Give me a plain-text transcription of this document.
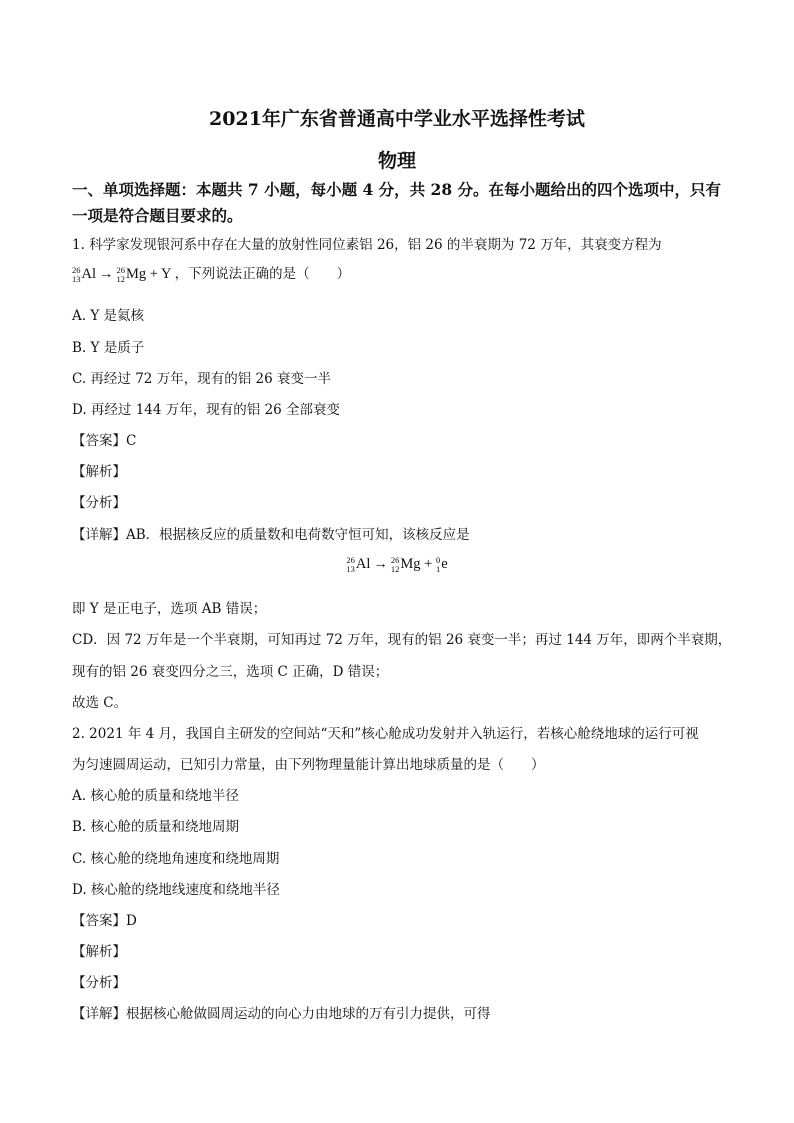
2021年广东省普通高中学业水平选择性考试
物理
一、单项选择题：本题共 7 小题，每小题 4 分，共 28 分。在每小题给出的四个选项中，只有
一项是符合题目要求的。
1. 科学家发现银河系中存在大量的放射性同位素铝 26，铝 26 的半衰期为 72 万年，其衰变方程为
26
13 Al → 26
12 Mg + Y ，下列说法正确的是（　　）
A. Y 是氦核
B. Y 是质子
C. 再经过 72 万年，现有的铝 26 衰变一半
D. 再经过 144 万年，现有的铝 26 全部衰变
【答案】C
【解析】
【分析】
【详解】AB．根据核反应的质量数和电荷数守恒可知，该核反应是
26
13 Al → 26
12 Mg + 0
1 e
即 Y 是正电子，选项 AB 错误；
CD．因 72 万年是一个半衰期，可知再过 72 万年，现有的铝 26 衰变一半；再过 144 万年，即两个半衰期，
现有的铝 26 衰变四分之三，选项 C 正确，D 错误；
故选 C。
2. 2021 年 4 月，我国自主研发的空间站“天和”核心舱成功发射并入轨运行，若核心舱绕地球的运行可视
为匀速圆周运动，已知引力常量，由下列物理量能计算出地球质量的是（　　）
A. 核心舱的质量和绕地半径
B. 核心舱的质量和绕地周期
C. 核心舱的绕地角速度和绕地周期
D. 核心舱的绕地线速度和绕地半径
【答案】D
【解析】
【分析】
【详解】根据核心舱做圆周运动的向心力由地球的万有引力提供，可得
